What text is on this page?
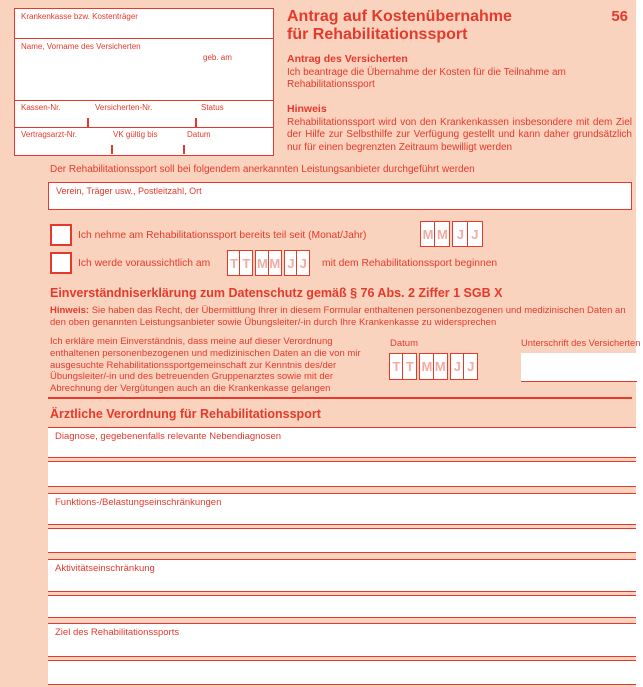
Krankenkasse bzw. Kostenträger
Name, Vorname des Versicherten
geb. am
Kassen-Nr.	Versicherten-Nr.	Status
Vertragsarzt-Nr.	VK gültig bis	Datum
56
Antrag auf Kostenübernahme
für Rehabilitationssport
Antrag des Versicherten
Ich beantrage die Übernahme der Kosten für die Teilnahme am Rehabilitationssport
Hinweis
Rehabilitationssport wird von den Krankenkassen insbesondere mit dem Ziel der Hilfe zur Selbsthilfe zur Verfügung gestellt und kann daher grundsätzlich nur für einen begrenzten Zeitraum bewilligt werden
Der Rehabilitationssport soll bei folgendem anerkannten Leistungsanbieter durchgeführt werden
Verein, Träger usw., Postleitzahl, Ort
Ich nehme am Rehabilitationssport bereits teil seit (Monat/Jahr)	M M J J
Ich werde voraussichtlich am T T M M J J	mit dem Rehabilitationssport beginnen
Einverständniserklärung zum Datenschutz gemäß § 76 Abs. 2 Ziffer 1 SGB X
Hinweis: Sie haben das Recht, der Übermittlung Ihrer in diesem Formular enthaltenen personenbezogenen und medizinischen Daten an den oben genannten Leistungsanbieter sowie Übungsleiter/-in durch Ihre Krankenkasse zu widersprechen
Ich erkläre mein Einverständnis, dass meine auf dieser Verordnung enthaltenen personenbezogenen und medizinischen Daten an die von mir ausgesuchte Rehabilitationssportgemeinschaft zur Kenntnis des/der Übungsleiter/-in und des betreuenden Gruppenarztes sowie mit der Abrechnung der Vergütungen auch an die Krankenkasse gelangen
Datum
T T M M J J
Unterschrift des Versicherten
Ärztliche Verordnung für Rehabilitationssport
Diagnose, gegebenenfalls relevante Nebendiagnosen
Funktions-/Belastungseinschränkungen
Aktivitätseinschränkung
Ziel des Rehabilitationssports
